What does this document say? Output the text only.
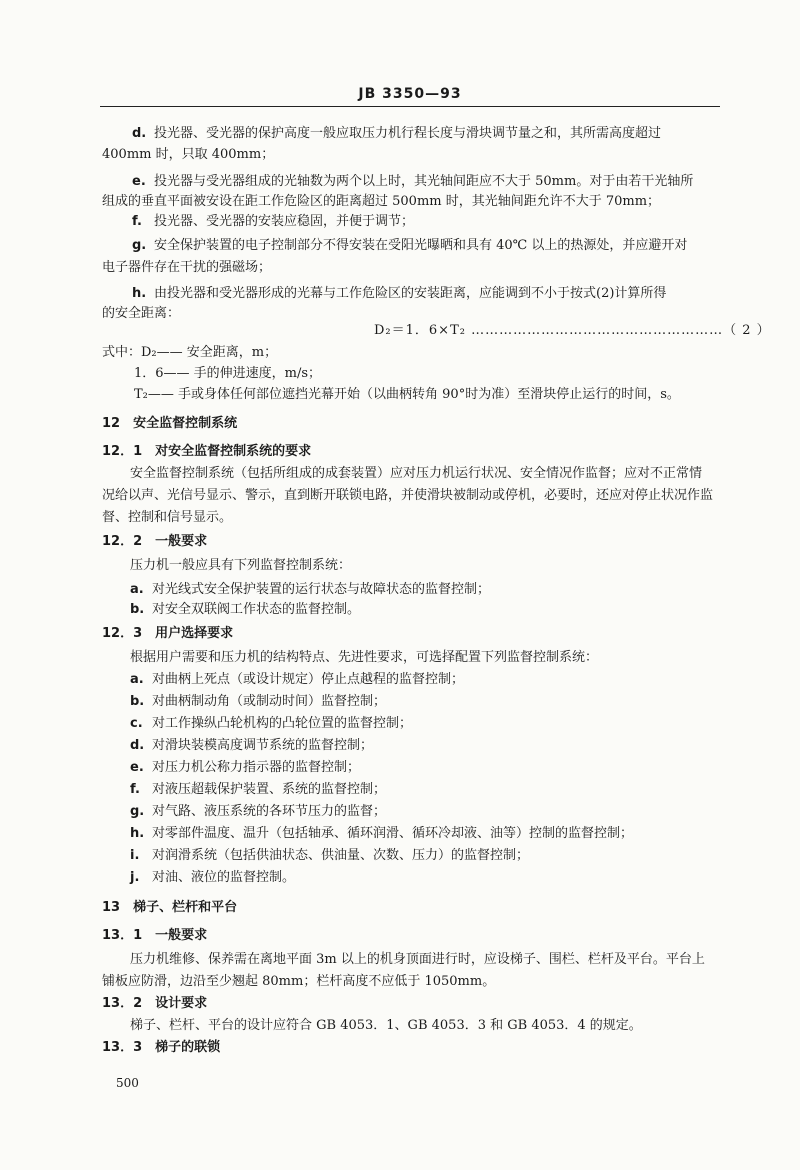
JB 3350—93
d. 投光器、受光器的保护高度一般应取压力机行程长度与滑块调节量之和，其所需高度超过
400mm 时，只取 400mm；
e. 投光器与受光器组成的光轴数为两个以上时，其光轴间距应不大于 50mm。对于由若干光轴所
组成的垂直平面被安设在距工作危险区的距离超过 500mm 时，其光轴间距允许不大于 70mm；
f. 投光器、受光器的安装应稳固，并便于调节；
g. 安全保护装置的电子控制部分不得安装在受阳光曝晒和具有 40℃ 以上的热源处，并应避开对
电子器件存在干扰的强磁场；
h. 由投光器和受光器形成的光幕与工作危险区的安装距离，应能调到不小于按式(2)计算所得
的安全距离：
D₂＝1．6×T₂ ………………………………………………（ 2 ）
式中：D₂—— 安全距离，m；
1．6—— 手的伸进速度，m/s；
T₂—— 手或身体任何部位遮挡光幕开始（以曲柄转角 90°时为准）至滑块停止运行的时间，s。
12　安全监督控制系统
12．1　对安全监督控制系统的要求
安全监督控制系统（包括所组成的成套装置）应对压力机运行状况、安全情况作监督；应对不正常情
况给以声、光信号显示、警示，直到断开联锁电路，并使滑块被制动或停机，必要时，还应对停止状况作监
督、控制和信号显示。
12．2　一般要求
压力机一般应具有下列监督控制系统：
a. 对光线式安全保护装置的运行状态与故障状态的监督控制；
b. 对安全双联阀工作状态的监督控制。
12．3　用户选择要求
根据用户需要和压力机的结构特点、先进性要求，可选择配置下列监督控制系统：
a. 对曲柄上死点（或设计规定）停止点越程的监督控制；
b. 对曲柄制动角（或制动时间）监督控制；
c. 对工作操纵凸轮机构的凸轮位置的监督控制；
d. 对滑块装模高度调节系统的监督控制；
e. 对压力机公称力指示器的监督控制；
f. 对液压超载保护装置、系统的监督控制；
g. 对气路、液压系统的各环节压力的监督；
h. 对零部件温度、温升（包括轴承、循环润滑、循环冷却液、油等）控制的监督控制；
i. 对润滑系统（包括供油状态、供油量、次数、压力）的监督控制；
j. 对油、液位的监督控制。
13　梯子、栏杆和平台
13．1　一般要求
压力机维修、保养需在离地平面 3m 以上的机身顶面进行时，应设梯子、围栏、栏杆及平台。平台上
铺板应防滑，边沿至少翘起 80mm；栏杆高度不应低于 1050mm。
13．2　设计要求
梯子、栏杆、平台的设计应符合 GB 4053．1、GB 4053．3 和 GB 4053．4 的规定。
13．3　梯子的联锁
500
